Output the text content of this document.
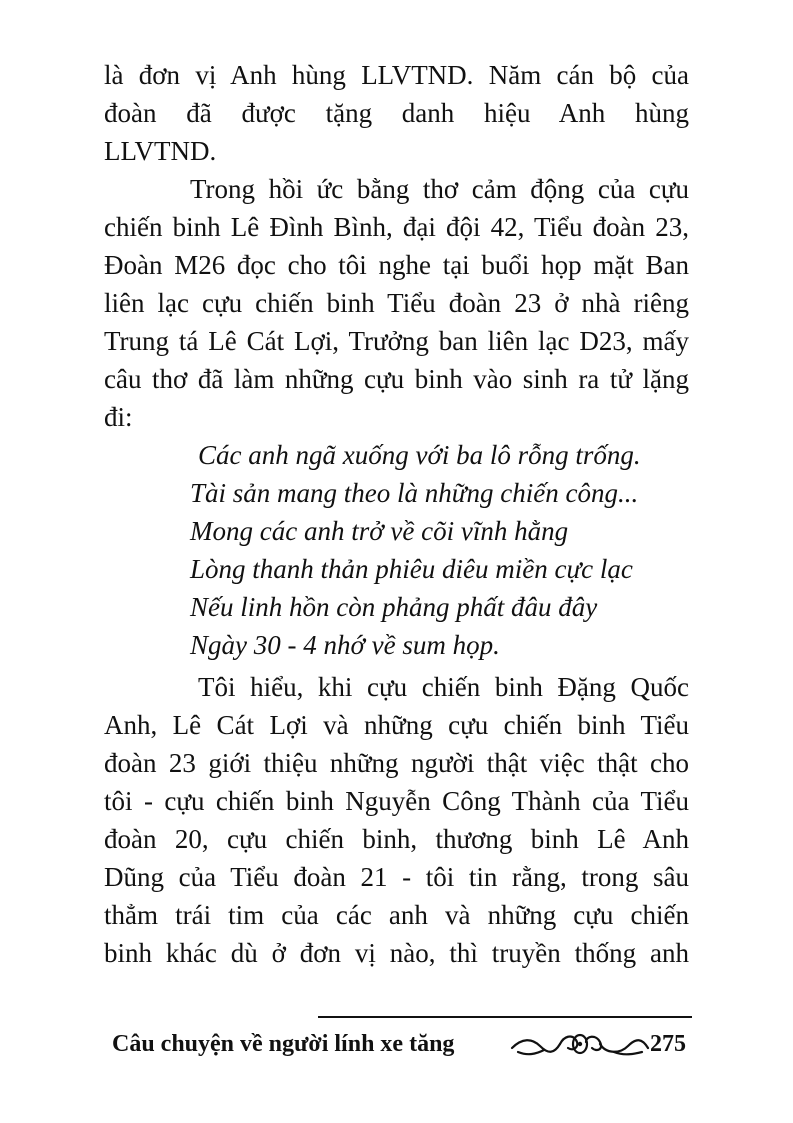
là đơn vị Anh hùng LLVTND. Năm cán bộ của
đoàn đã được tặng danh hiệu Anh hùng
LLVTND.
Trong hồi ức bằng thơ cảm động của cựu
chiến binh Lê Đình Bình, đại đội 42, Tiểu đoàn 23,
Đoàn M26 đọc cho tôi nghe tại buổi họp mặt Ban
liên lạc cựu chiến binh Tiểu đoàn 23 ở nhà riêng
Trung tá Lê Cát Lợi, Trưởng ban liên lạc D23, mấy
câu thơ đã làm những cựu binh vào sinh ra tử lặng
đi:
Các anh ngã xuống với ba lô rỗng trống.
Tài sản mang theo là những chiến công...
Mong các anh trở về cõi vĩnh hằng
Lòng thanh thản phiêu diêu miền cực lạc
Nếu linh hồn còn phảng phất đâu đây
Ngày 30 - 4 nhớ về sum họp.
Tôi hiểu, khi cựu chiến binh Đặng Quốc
Anh, Lê Cát Lợi và những cựu chiến binh Tiểu
đoàn 23 giới thiệu những người thật việc thật cho
tôi - cựu chiến binh Nguyễn Công Thành của Tiểu
đoàn 20, cựu chiến binh, thương binh Lê Anh
Dũng của Tiểu đoàn 21 - tôi tin rằng, trong sâu
thẳm trái tim của các anh và những cựu chiến
binh khác dù ở đơn vị nào, thì truyền thống anh
Câu chuyện về người lính xe tăng	275
